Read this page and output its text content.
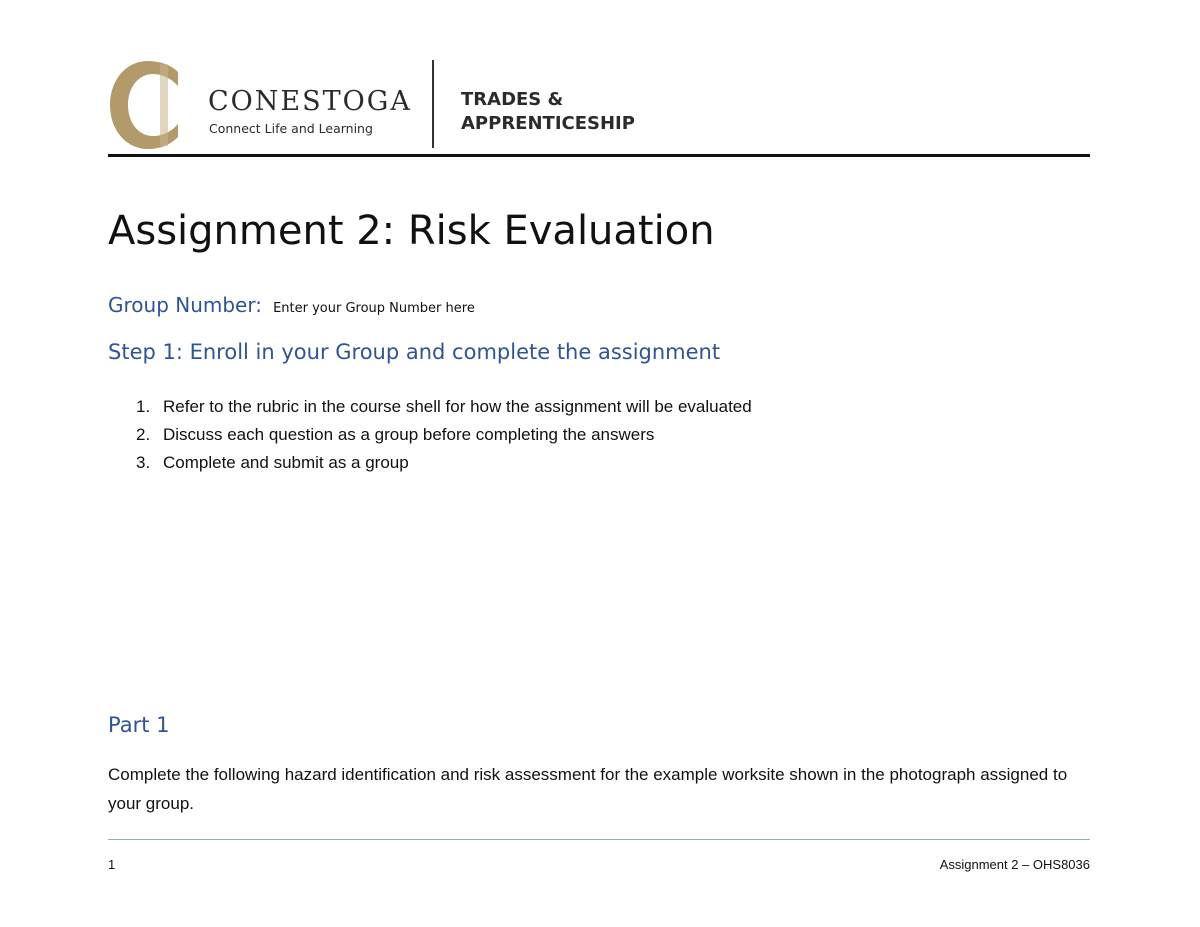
CONESTOGA
Connect Life and Learning
TRADES &
APPRENTICESHIP
Assignment 2: Risk Evaluation
Group Number: Enter your Group Number here
Step 1: Enroll in your Group and complete the assignment
1. Refer to the rubric in the course shell for how the assignment will be evaluated
2. Discuss each question as a group before completing the answers
3. Complete and submit as a group
Part 1

Complete the following hazard identification and risk assessment for the example worksite shown in the photograph assigned to your group.

1	Assignment 2 – OHS8036
